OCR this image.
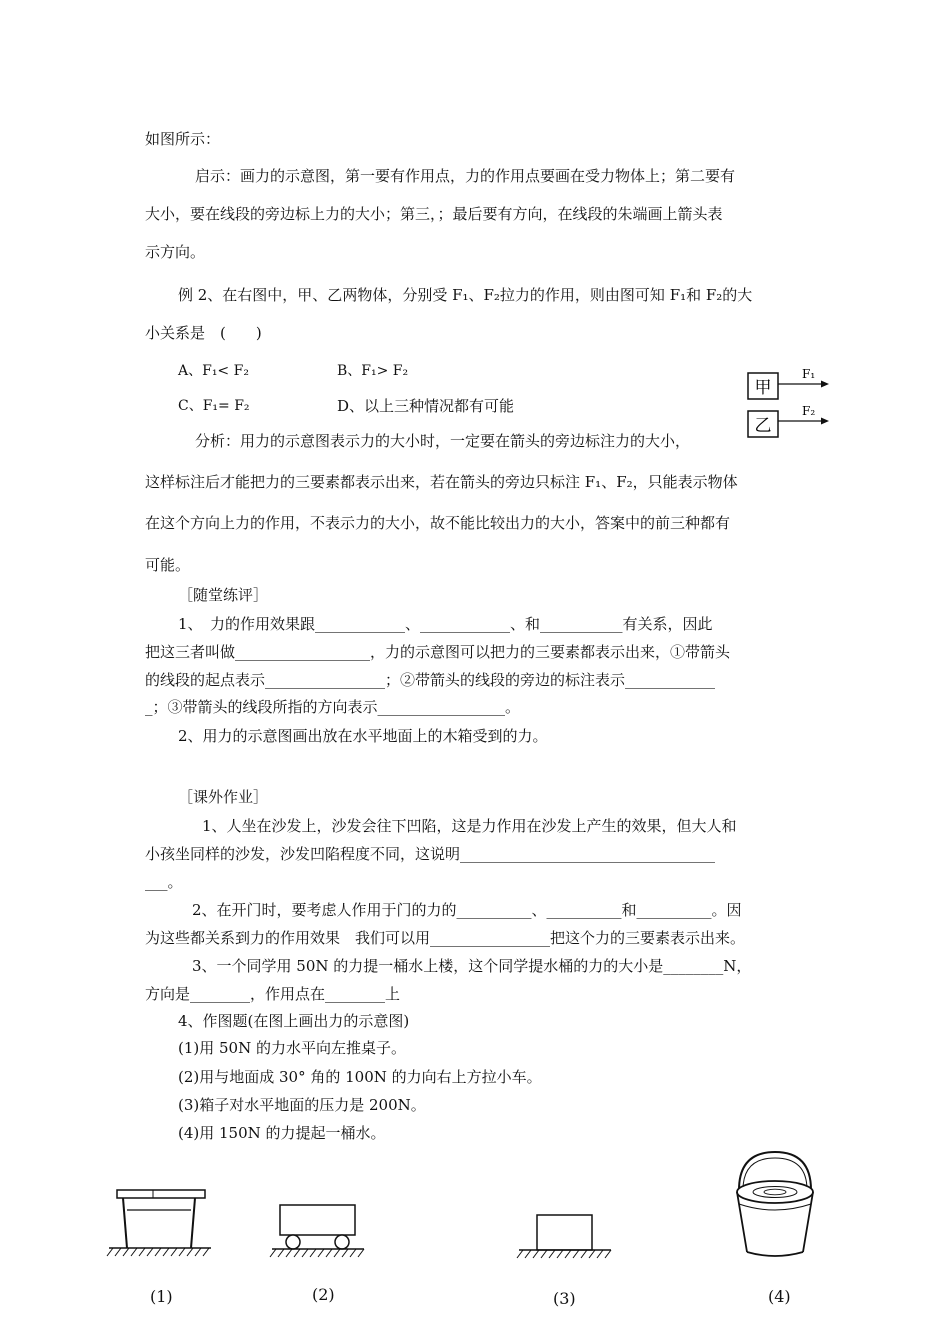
如图所示：
启示：画力的示意图，第一要有作用点，力的作用点要画在受力物体上；第二要有
大小，要在线段的旁边标上力的大小；第三，；最后要有方向，在线段的朱端画上箭头表
示方向。
例 2、在右图中，甲、乙两物体，分别受 F₁、F₂拉力的作用，则由图可知 F₁和 F₂的大
小关系是　(　　)
A、F₁< F₂	B、F₁> F₂
C、F₁= F₂	D、以上三种情况都有可能
分析：用力的示意图表示力的大小时，一定要在箭头的旁边标注力的大小，
这样标注后才能把力的三要素都表示出来，若在箭头的旁边只标注 F₁、F₂，只能表示物体
在这个方向上力的作用，不表示力的大小，故不能比较出力的大小，答案中的前三种都有
可能。
［随堂练评］
1、　力的作用效果跟____________、____________、和___________有关系，因此
把这三者叫做__________________，力的示意图可以把力的三要素都表示出来，①带箭头
的线段的起点表示________________；②带箭头的线段的旁边的标注表示____________
_；③带箭头的线段所指的方向表示_________________。
2、用力的示意图画出放在水平地面上的木箱受到的力。
［课外作业］
1、人坐在沙发上，沙发会往下凹陷，这是力作用在沙发上产生的效果，但大人和
小孩坐同样的沙发，沙发凹陷程度不同，这说明__________________________________
___。
2、在开门时，要考虑人作用于门的力的__________、__________和__________。因
为这些都关系到力的作用效果　我们可以用________________把这个力的三要素表示出来。
3、一个同学用 50N 的力提一桶水上楼，这个同学提水桶的力的大小是________N，
方向是________，作用点在________上
4、作图题(在图上画出力的示意图)
(1)用 50N 的力水平向左推桌子。
(2)用与地面成 30° 角的 100N 的力向右上方拉小车。
(3)箱子对水平地面的压力是 200N。
(4)用 150N 的力提起一桶水。
甲
F₁
乙
F₂
(1)	(2)	(3)	(4)
